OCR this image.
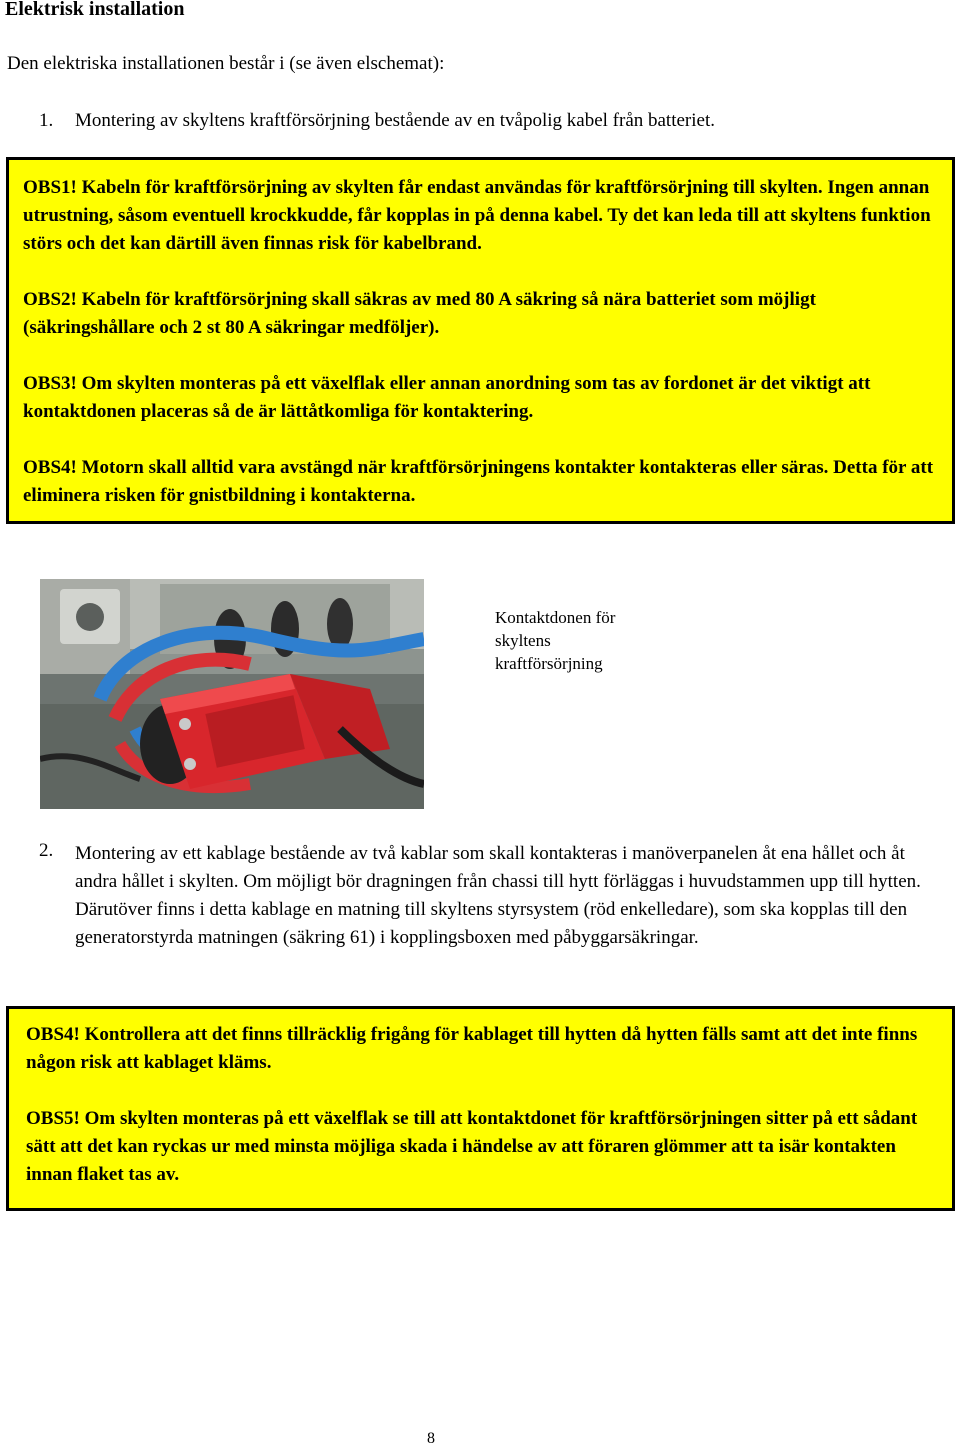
Elektrisk installation
Den elektriska installationen består i (se även elschemat):
1.	Montering av skyltens kraftförsörjning bestående av en tvåpolig kabel från batteriet.

OBS1! Kabeln för kraftförsörjning av skylten får endast användas för kraftförsörjning till skylten. Ingen annan utrustning, såsom eventuell krockkudde, får kopplas in på denna kabel. Ty det kan leda till att skyltens funktion störs och det kan därtill även finnas risk för kabelbrand.

OBS2! Kabeln för kraftförsörjning skall säkras av med 80 A säkring så nära batteriet som möjligt (säkringshållare och 2 st 80 A säkringar medföljer).

OBS3! Om skylten monteras på ett växelflak eller annan anordning som tas av fordonet är det viktigt att kontaktdonen placeras så de är lättåtkomliga för kontaktering.

OBS4! Motorn skall alltid vara avstängd när kraftförsörjningens kontakter kontakteras eller säras. Detta för att eliminera risken för gnistbildning i kontakterna.

Kontaktdonen för
skyltens
kraftförsörjning
2.	Montering av ett kablage bestående av två kablar som skall kontakteras i manöverpanelen åt ena hållet och åt andra hållet i skylten. Om möjligt bör dragningen från chassi till hytt förläggas i huvudstammen upp till hytten.
Därutöver finns i detta kablage en matning till skyltens styrsystem (röd enkelledare), som ska kopplas till den generatorstyrda matningen (säkring 61) i kopplingsboxen med påbyggarsäkringar.

OBS4! Kontrollera att det finns tillräcklig frigång för kablaget till hytten då hytten fälls samt att det inte finns någon risk att kablaget kläms.

OBS5! Om skylten monteras på ett växelflak se till att kontaktdonet för kraftförsörjningen sitter på ett sådant sätt att det kan ryckas ur med minsta möjliga skada i händelse av att föraren glömmer att ta isär kontakten innan flaket tas av.

8
